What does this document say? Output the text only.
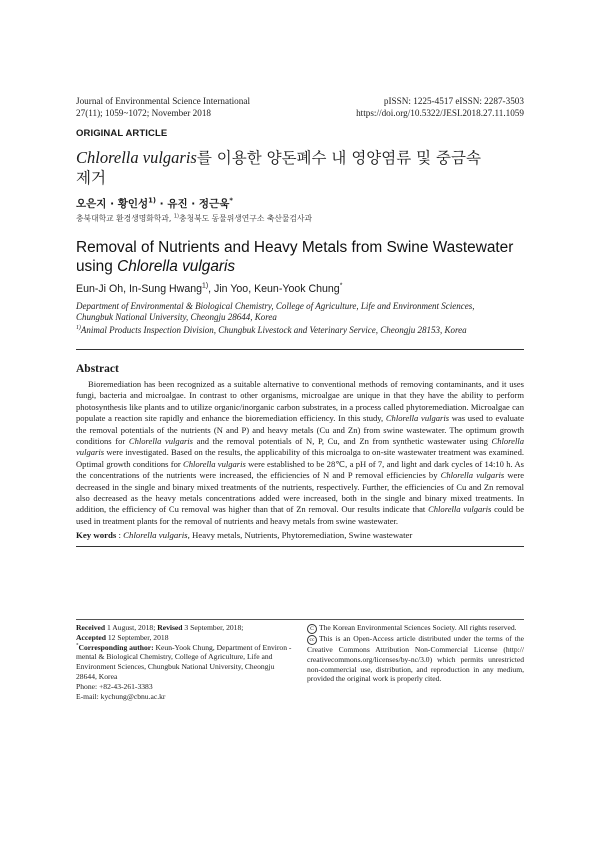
Journal of Environmental Science International
27(11); 1059~1072; November 2018
pISSN: 1225-4517 eISSN: 2287-3503
https://doi.org/10.5322/JESI.2018.27.11.1059
ORIGINAL ARTICLE
Chlorella vulgaris를 이용한 양돈폐수 내 영양염류 및 중금속
제거
오은지 · 황인성$^{1)}$ · 유진 · 정근욱*
충북대학교 환경생명화학과, $^{1)}$충청북도 동물위생연구소 축산물검사과
Removal of Nutrients and Heavy Metals from Swine Wastewater
using Chlorella vulgaris
Eun-Ji Oh, In-Sung Hwang$^{1)}$, Jin Yoo, Keun-Yook Chung*
Department of Environmental & Biological Chemistry, College of Agriculture, Life and Environment Sciences, Chungbuk National University, Cheongju 28644, Korea
$^{1)}$Animal Products Inspection Division, Chungbuk Livestock and Veterinary Service, Cheongju 28153, Korea
Abstract
Bioremediation has been recognized as a suitable alternative to conventional methods of removing contaminants, and it uses fungi, bacteria and microalgae. In contrast to other organisms, microalgae are unique in that they have the ability to perform photosynthesis like plants and to utilize organic/inorganic carbon substrates, in a process called phytoremediation. Microalgae can populate a reaction site rapidly and enhance the bioremediation efficiency. In this study, Chlorella vulgaris was used to evaluate the removal potentials of the nutrients (N and P) and heavy metals (Cu and Zn) from swine wastewater. The optimum growth conditions for Chlorella vulgaris and the removal potentials of N, P, Cu, and Zn from synthetic wastewater using Chlorella vulgaris were investigated. Based on the results, the applicability of this microalga to on-site wastewater treatment was examined. Optimal growth conditions for Chlorella vulgaris were established to be 28℃, a pH of 7, and light and dark cycles of 14:10 h. As the concentrations of the nutrients were increased, the efficiencies of N and P removal efficiencies by Chlorella vulgaris were decreased in the single and binary mixed treatments of the nutrients, respectively. Further, the efficiencies of Cu and Zn removal also decreased as the heavy metals concentrations added were increased, both in the single and binary mixed treatments. In addition, the efficiency of Cu removal was higher than that of Zn removal. Our results indicate that Chlorella vulgaris could be used in treatment plants for the removal of nutrients and heavy metals from swine wastewater.
Key words : Chlorella vulgaris, Heavy metals, Nutrients, Phytoremediation, Swine wastewater
Received 1 August, 2018; Revised 3 September, 2018;
Accepted 12 September, 2018
*Corresponding author: Keun-Yook Chung, Department of Environ -mental & Biological Chemistry, College of Agriculture, Life and Environment Sciences, Chungbuk National University, Cheongju 28644, Korea
Phone: +82-43-261-3383
E-mail: kychung@cbnu.ac.kr
C The Korean Environmental Sciences Society. All rights reserved.
cc This is an Open-Access article distributed under the terms of the Creative Commons Attribution Non-Commercial License (http:// creativecommons.org/licenses/by-nc/3.0) which permits unrestricted non-commercial use, distribution, and reproduction in any medium, provided the original work is properly cited.
